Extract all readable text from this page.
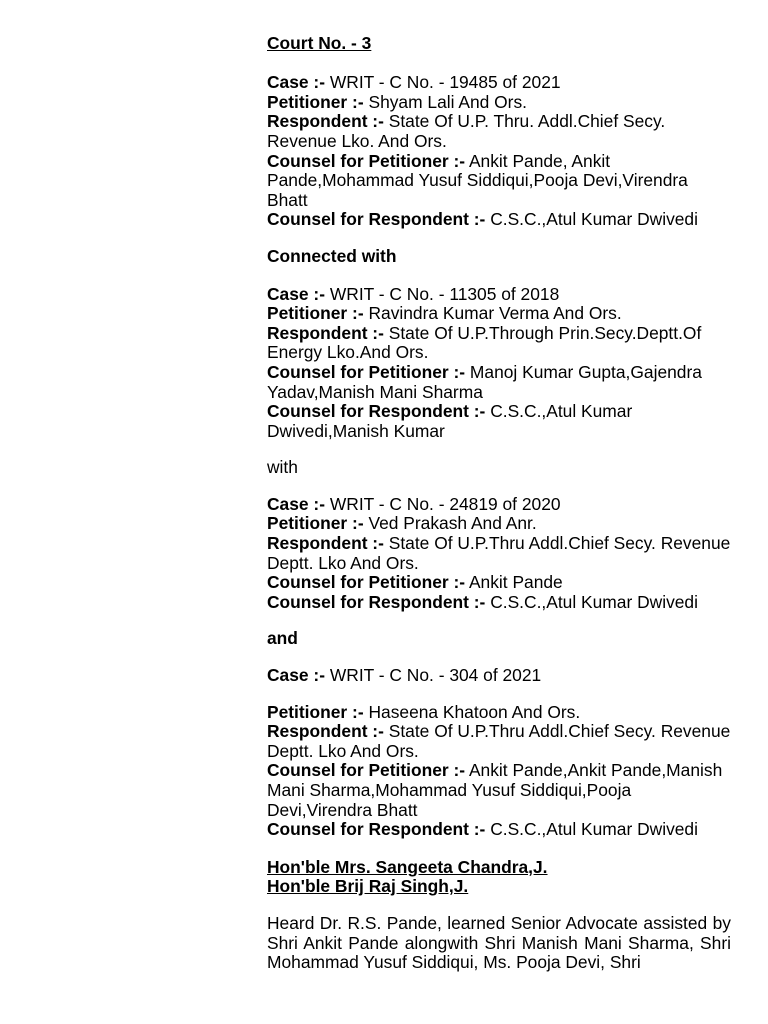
Court No. - 3

Case :- WRIT - C No. - 19485 of 2021

Petitioner :- Shyam Lali And Ors.

Respondent :- State Of U.P. Thru. Addl.Chief Secy. Revenue Lko. And Ors.

Counsel for Petitioner :- Ankit Pande, Ankit Pande,Mohammad Yusuf Siddiqui,Pooja Devi,Virendra Bhatt

Counsel for Respondent :- C.S.C.,Atul Kumar Dwivedi

Connected with

Case :- WRIT - C No. - 11305 of 2018

Petitioner :- Ravindra Kumar Verma And Ors.

Respondent :- State Of U.P.Through Prin.Secy.Deptt.Of Energy Lko.And Ors.

Counsel for Petitioner :- Manoj Kumar Gupta,Gajendra Yadav,Manish Mani Sharma

Counsel for Respondent :- C.S.C.,Atul Kumar Dwivedi,Manish Kumar

with

Case :- WRIT - C No. - 24819 of 2020

Petitioner :- Ved Prakash And Anr.

Respondent :- State Of U.P.Thru Addl.Chief Secy. Revenue Deptt. Lko And Ors.

Counsel for Petitioner :- Ankit Pande

Counsel for Respondent :- C.S.C.,Atul Kumar Dwivedi

and

Case :- WRIT - C No. - 304 of 2021

Petitioner :- Haseena Khatoon And Ors.

Respondent :- State Of U.P.Thru Addl.Chief Secy. Revenue Deptt. Lko And Ors.

Counsel for Petitioner :- Ankit Pande,Ankit Pande,Manish Mani Sharma,Mohammad Yusuf Siddiqui,Pooja Devi,Virendra Bhatt

Counsel for Respondent :- C.S.C.,Atul Kumar Dwivedi

Hon'ble Mrs. Sangeeta Chandra,J.

Hon'ble Brij Raj Singh,J.

Heard Dr. R.S. Pande, learned Senior Advocate assisted by Shri Ankit Pande alongwith Shri Manish Mani Sharma, Shri Mohammad Yusuf Siddiqui, Ms. Pooja Devi, Shri
